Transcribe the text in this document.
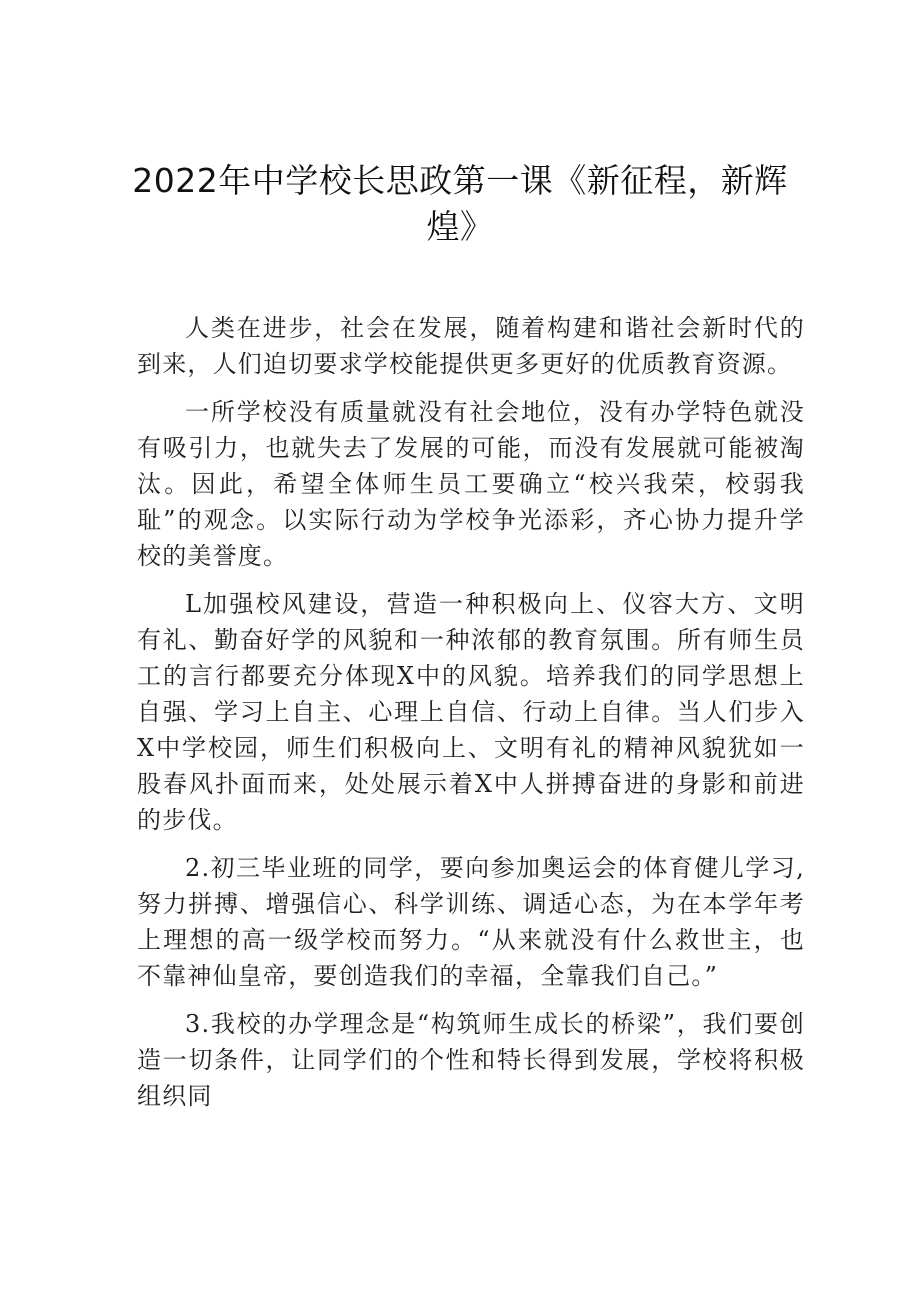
2022年中学校长思政第一课《新征程，新辉煌》

人类在进步，社会在发展，随着构建和谐社会新时代的到来，人们迫切要求学校能提供更多更好的优质教育资源。

一所学校没有质量就没有社会地位，没有办学特色就没有吸引力，也就失去了发展的可能，而没有发展就可能被淘汰。因此，希望全体师生员工要确立“校兴我荣，校弱我耻”的观念。以实际行动为学校争光添彩，齐心协力提升学校的美誉度。

L加强校风建设，营造一种积极向上、仪容大方、文明有礼、勤奋好学的风貌和一种浓郁的教育氛围。所有师生员工的言行都要充分体现X中的风貌。培养我们的同学思想上自强、学习上自主、心理上自信、行动上自律。当人们步入X中学校园，师生们积极向上、文明有礼的精神风貌犹如一股春风扑面而来，处处展示着X中人拼搏奋进的身影和前进的步伐。

2.初三毕业班的同学，要向参加奥运会的体育健儿学习,努力拼搏、增强信心、科学训练、调适心态，为在本学年考上理想的高一级学校而努力。“从来就没有什么救世主，也不靠神仙皇帝，要创造我们的幸福，全靠我们自己。”

3.我校的办学理念是“构筑师生成长的桥梁”，我们要创造一切条件，让同学们的个性和特长得到发展，学校将积极组织同
